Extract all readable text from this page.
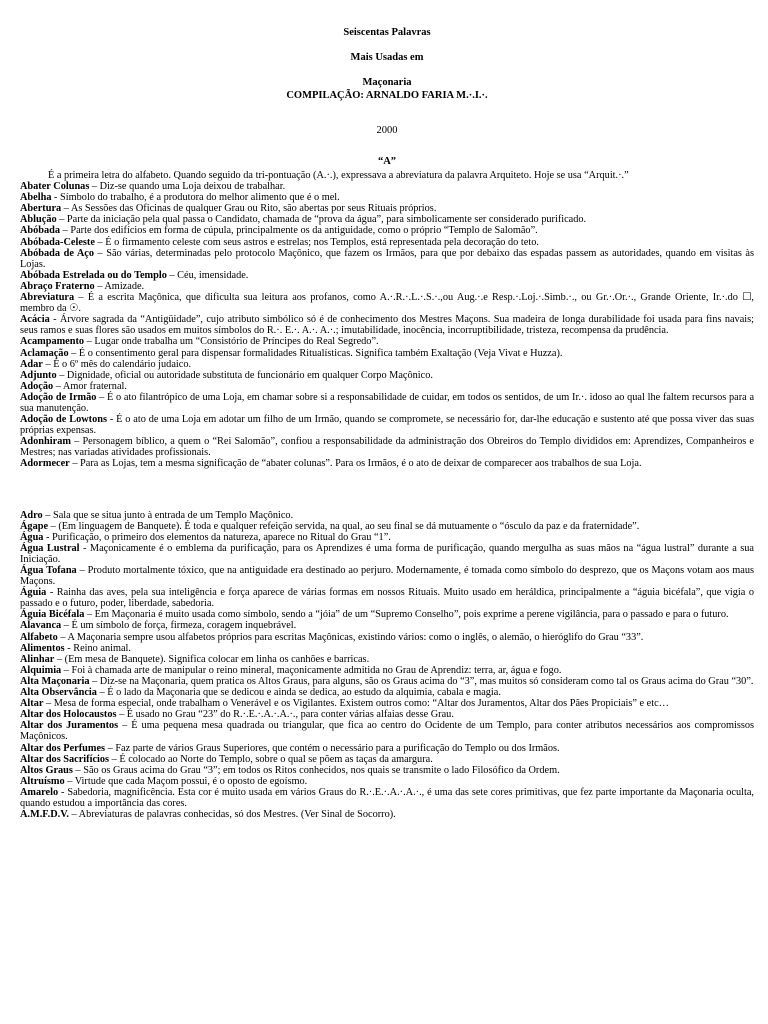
Seiscentas Palavras
Mais Usadas em
Maçonaria
COMPILAÇÃO: ARNALDO FARIA M.·.I.·.
2000
“A”

É a primeira letra do alfabeto. Quando seguido da tri-pontuação (A.·.), expressava a abreviatura da palavra Arquiteto. Hoje se usa “Arquit.·.”

Abater Colunas – Diz-se quando uma Loja deixou de trabalhar.

Abelha - Símbolo do trabalho, é a produtora do melhor alimento que é o mel.

Abertura – As Sessões das Oficinas de qualquer Grau ou Rito, são abertas por seus Rituais próprios.

Ablução – Parte da iniciação pela qual passa o Candidato, chamada de “prova da água”, para simbolicamente ser considerado purificado.

Abóbada – Parte dos edifícios em forma de cúpula, principalmente os da antiguidade, como o próprio “Templo de Salomão”.

Abóbada-Celeste – É o firmamento celeste com seus astros e estrelas; nos Templos, está representada pela decoração do teto.

Abóbada de Aço – São várias, determinadas pelo protocolo Maçônico, que fazem os Irmãos, para que por debaixo das espadas passem as autoridades, quando em visitas às Lojas.

Abóbada Estrelada ou do Templo – Céu, imensidade.

Abraço Fraterno – Amizade.

Abreviatura – É a escrita Maçônica, que dificulta sua leitura aos profanos, como A.·.R.·.L.·.S.·.,ou Aug.·.e Resp.·.Loj.·.Simb.·., ou Gr.·.Or.·., Grande Oriente, Ir.·.do ☐, membro da ☉.

Acácia - Árvore sagrada da “Antigüidade”, cujo atributo simbólico só é de conhecimento dos Mestres Maçons. Sua madeira de longa durabilidade foi usada para fins navais; seus ramos e suas flores são usados em muitos símbolos do R.·. E.·. A.·. A.·.; imutabilidade, inocência, incorruptibilidade, tristeza, recompensa da prudência.

Acampamento – Lugar onde trabalha um “Consistório de Príncipes do Real Segredo”.

Aclamação – É o consentimento geral para dispensar formalidades Ritualísticas. Significa também Exaltação (Veja Vivat e Huzza).

Adar – É o 6º mês do calendário judaico.

Adjunto – Dignidade, oficial ou autoridade substituta de funcionário em qualquer Corpo Maçônico.

Adoção – Amor fraternal.

Adoção de Irmão – É o ato filantrópico de uma Loja, em chamar sobre si a responsabilidade de cuidar, em todos os sentidos, de um Ir.·. idoso ao qual lhe faltem recursos para a sua manutenção.

Adoção de Lowtons - É o ato de uma Loja em adotar um filho de um Irmão, quando se compromete, se necessário for, dar-lhe educação e sustento até que possa viver das suas próprias expensas.

Adonhiram – Personagem bíblico, a quem o “Rei Salomão”, confiou a responsabilidade da administração dos Obreiros do Templo divididos em: Aprendizes, Companheiros e Mestres; nas variadas atividades profissionais.

Adormecer – Para as Lojas, tem a mesma significação de “abater colunas”. Para os Irmãos, é o ato de deixar de comparecer aos trabalhos de sua Loja.

Adro – Sala que se situa junto à entrada de um Templo Maçônico.

Ágape – (Em linguagem de Banquete). É toda e qualquer refeição servida, na qual, ao seu final se dá mutuamente o “ósculo da paz e da fraternidade”.

Água - Purificação, o primeiro dos elementos da natureza, aparece no Ritual do Grau “1”.

Água Lustral - Maçonicamente é o emblema da purificação, para os Aprendizes é uma forma de purificação, quando mergulha as suas mãos na “água lustral” durante a sua Iniciação.

Água Tofana – Produto mortalmente tóxico, que na antiguidade era destinado ao perjuro. Modernamente, é tomada como símbolo do desprezo, que os Maçons votam aos maus Maçons.

Águia - Rainha das aves, pela sua inteligência e força aparece de várias formas em nossos Rituais. Muito usado em heráldica, principalmente a “águia bicéfala”, que vigia o passado e o futuro, poder, liberdade, sabedoria.

Águia Bicéfala – Em Maçonaria é muito usada como símbolo, sendo a “jóia” de um “Supremo Conselho”, pois exprime a perene vigilância, para o passado e para o futuro.

Alavanca – É um símbolo de força, firmeza, coragem inquebrável.

Alfabeto – A Maçonaria sempre usou alfabetos próprios para escritas Maçônicas, existindo vários: como o inglês, o alemão, o hieróglifo do Grau “33”.

Alimentos - Reino animal.

Alinhar – (Em mesa de Banquete). Significa colocar em linha os canhões e barricas.

Alquimia – Foi à chamada arte de manipular o reino mineral, maçonicamente admitida no Grau de Aprendiz: terra, ar, água e fogo.

Alta Maçonaria – Diz-se na Maçonaria, quem pratica os Altos Graus, para alguns, são os Graus acima do “3”, mas muitos só consideram como tal os Graus acima do Grau “30”.

Alta Observância – É o lado da Maçonaria que se dedicou e ainda se dedica, ao estudo da alquimia, cabala e magia.

Altar – Mesa de forma especial, onde trabalham o Venerável e os Vigilantes. Existem outros como: “Altar dos Juramentos, Altar dos Pães Propiciais” e etc…

Altar dos Holocaustos – É usado no Grau “23” do R.·.E.·.A.·.A.·., para conter várias alfaias desse Grau.

Altar dos Juramentos – É uma pequena mesa quadrada ou triangular, que fica ao centro do Ocidente de um Templo, para conter atributos necessários aos compromissos Maçônicos.

Altar dos Perfumes – Faz parte de vários Graus Superiores, que contém o necessário para a purificação do Templo ou dos Irmãos.

Altar dos Sacrifícios – É colocado ao Norte do Templo, sobre o qual se põem as taças da amargura.

Altos Graus – São os Graus acima do Grau “3”; em todos os Ritos conhecidos, nos quais se transmite o lado Filosófico da Ordem.

Altruísmo – Virtude que cada Maçom possui, é o oposto de egoísmo.

Amarelo - Sabedoria, magnificência. Esta cor é muito usada em vários Graus do R.·.E.·.A.·.A.·., é uma das sete cores primitivas, que fez parte importante da Maçonaria oculta, quando estudou a importância das cores.

A.M.F.D.V. – Abreviaturas de palavras conhecidas, só dos Mestres. (Ver Sinal de Socorro).
